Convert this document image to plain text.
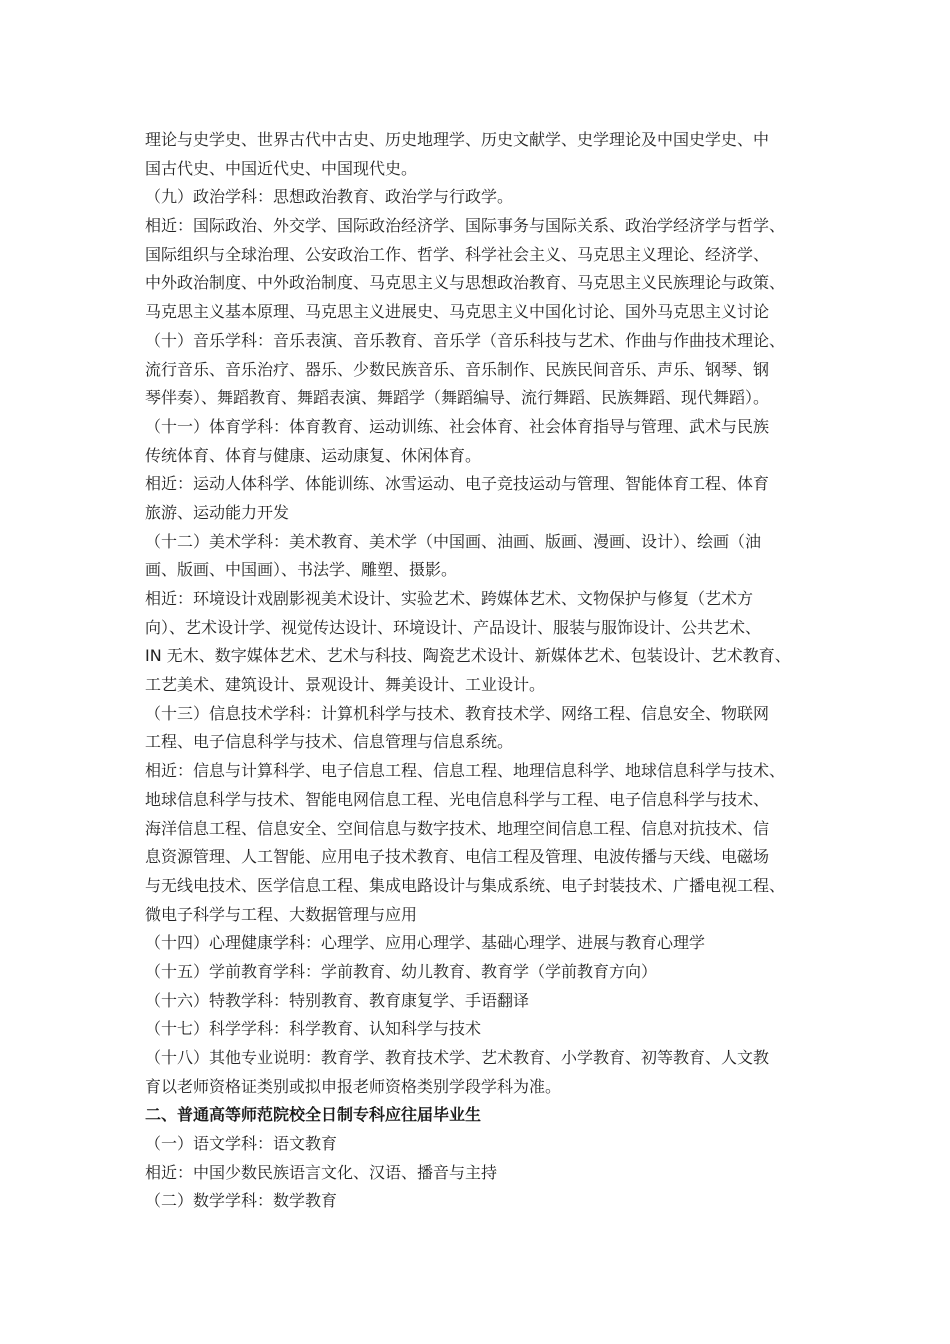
理论与史学史、世界古代中古史、历史地理学、历史文献学、史学理论及中国史学史、中
国古代史、中国近代史、中国现代史。
（九）政治学科：思想政治教育、政治学与行政学。
相近：国际政治、外交学、国际政治经济学、国际事务与国际关系、政治学经济学与哲学、
国际组织与全球治理、公安政治工作、哲学、科学社会主义、马克思主义理论、经济学、
中外政治制度、中外政治制度、马克思主义与思想政治教育、马克思主义民族理论与政策、
马克思主义基本原理、马克思主义进展史、马克思主义中国化讨论、国外马克思主义讨论
（十）音乐学科：音乐表演、音乐教育、音乐学（音乐科技与艺术、作曲与作曲技术理论、
流行音乐、音乐治疗、器乐、少数民族音乐、音乐制作、民族民间音乐、声乐、钢琴、钢
琴伴奏）、舞蹈教育、舞蹈表演、舞蹈学（舞蹈编导、流行舞蹈、民族舞蹈、现代舞蹈）。
（十一）体育学科：体育教育、运动训练、社会体育、社会体育指导与管理、武术与民族
传统体育、体育与健康、运动康复、休闲体育。
相近：运动人体科学、体能训练、冰雪运动、电子竞技运动与管理、智能体育工程、体育
旅游、运动能力开发
（十二）美术学科：美术教育、美术学（中国画、油画、版画、漫画、设计）、绘画（油
画、版画、中国画）、书法学、雕塑、摄影。
相近：环境设计戏剧影视美术设计、实验艺术、跨媒体艺术、文物保护与修复（艺术方
向）、艺术设计学、视觉传达设计、环境设计、产品设计、服装与服饰设计、公共艺术、
IN 无木、数字媒体艺术、艺术与科技、陶瓷艺术设计、新媒体艺术、包装设计、艺术教育、
工艺美术、建筑设计、景观设计、舞美设计、工业设计。
（十三）信息技术学科：计算机科学与技术、教育技术学、网络工程、信息安全、物联网
工程、电子信息科学与技术、信息管理与信息系统。
相近：信息与计算科学、电子信息工程、信息工程、地理信息科学、地球信息科学与技术、
地球信息科学与技术、智能电网信息工程、光电信息科学与工程、电子信息科学与技术、
海洋信息工程、信息安全、空间信息与数字技术、地理空间信息工程、信息对抗技术、信
息资源管理、人工智能、应用电子技术教育、电信工程及管理、电波传播与天线、电磁场
与无线电技术、医学信息工程、集成电路设计与集成系统、电子封装技术、广播电视工程、
微电子科学与工程、大数据管理与应用
（十四）心理健康学科：心理学、应用心理学、基础心理学、进展与教育心理学
（十五）学前教育学科：学前教育、幼儿教育、教育学（学前教育方向）
（十六）特教学科：特别教育、教育康复学、手语翻译
（十七）科学学科：科学教育、认知科学与技术
（十八）其他专业说明：教育学、教育技术学、艺术教育、小学教育、初等教育、人文教
育以老师资格证类别或拟申报老师资格类别学段学科为准。
二、普通高等师范院校全日制专科应往届毕业生
（一）语文学科：语文教育
相近：中国少数民族语言文化、汉语、播音与主持
（二）数学学科：数学教育
